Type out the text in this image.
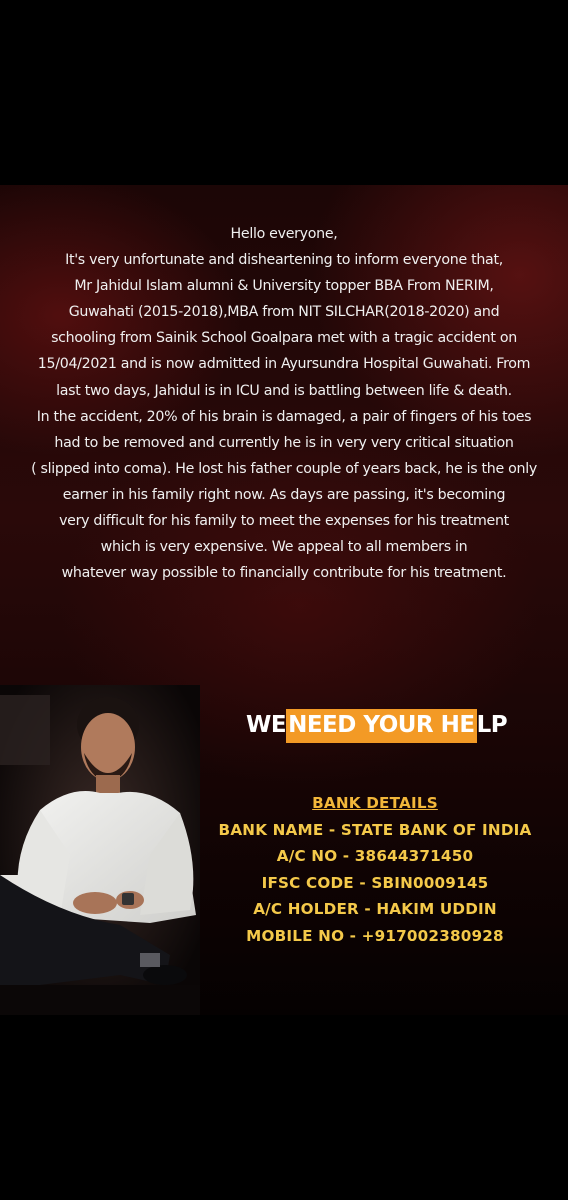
Hello everyone,
It's very unfortunate and disheartening to inform everyone that,
Mr Jahidul Islam alumni & University topper BBA From NERIM,
Guwahati (2015-2018),MBA from NIT SILCHAR(2018-2020) and
schooling from Sainik School Goalpara met with a tragic accident on
15/04/2021 and is now admitted in Ayursundra Hospital Guwahati. From
last two days, Jahidul is in ICU and is battling between life & death.
In the accident, 20% of his brain is damaged, a pair of fingers of his toes
had to be removed and currently he is in very very critical situation
( slipped into coma). He lost his father couple of years back, he is the only
earner in his family right now. As days are passing, it's becoming
very difficult for his family to meet the expenses for his treatment
which is very expensive. We appeal to all members in
whatever way possible to financially contribute for his treatment.
WE NEED YOUR HE LP
BANK DETAILS
BANK NAME - STATE BANK OF INDIA
A/C NO - 38644371450
IFSC CODE - SBIN0009145
A/C HOLDER - HAKIM UDDIN
MOBILE NO - +917002380928
